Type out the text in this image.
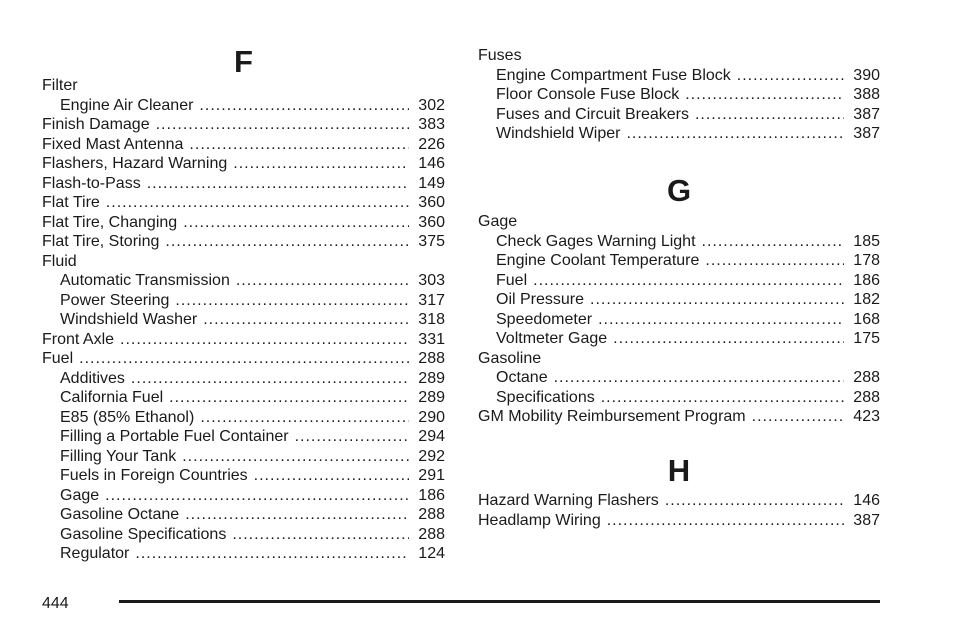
F
Filter
Engine Air Cleaner .....	302
Finish Damage .....	383
Fixed Mast Antenna .....	226
Flashers, Hazard Warning .....	146
Flash-to-Pass .....	149
Flat Tire .....	360
Flat Tire, Changing .....	360
Flat Tire, Storing .....	375
Fluid
Automatic Transmission .....	303
Power Steering .....	317
Windshield Washer .....	318
Front Axle .....	331
Fuel .....	288
Additives .....	289
California Fuel .....	289
E85 (85% Ethanol) .....	290
Filling a Portable Fuel Container .....	294
Filling Your Tank .....	292
Fuels in Foreign Countries .....	291
Gage .....	186
Gasoline Octane .....	288
Gasoline Specifications .....	288
Regulator .....	124
Fuses
Engine Compartment Fuse Block .....	390
Floor Console Fuse Block .....	388
Fuses and Circuit Breakers .....	387
Windshield Wiper .....	387
G
Gage
Check Gages Warning Light .....	185
Engine Coolant Temperature .....	178
Fuel .....	186
Oil Pressure .....	182
Speedometer .....	168
Voltmeter Gage .....	175
Gasoline
Octane .....	288
Specifications .....	288
GM Mobility Reimbursement Program .....	423
H
Hazard Warning Flashers .....	146
Headlamp Wiring .....	387
444
